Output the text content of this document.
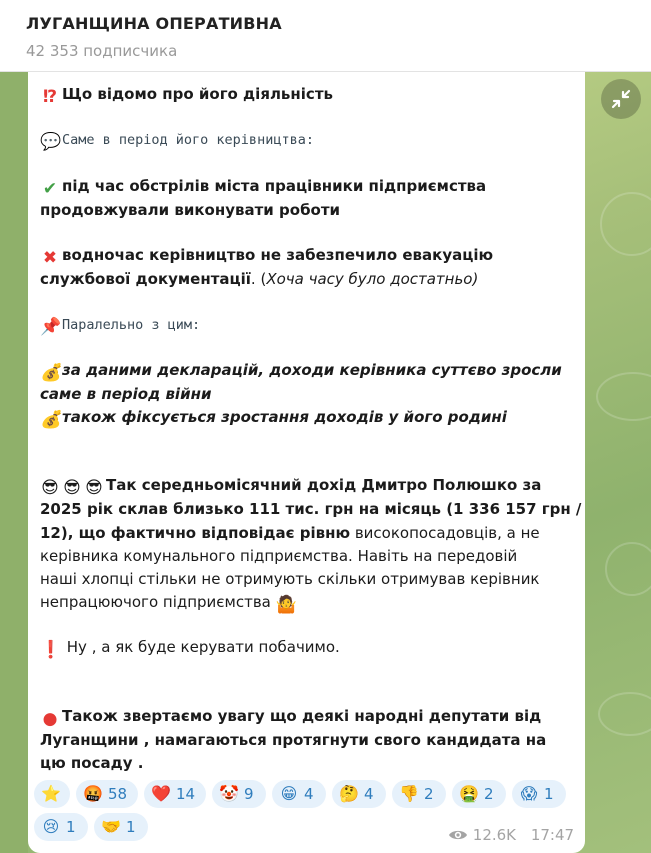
ЛУГАНЩИНА ОПЕРАТИВНА
42 353 подписчика
⁉ Що відомо про його діяльність
💬Саме в період його керівництва:
✔ під час обстрілів міста працівники підприємства
продовжували виконувати роботи
✖ водночас керівництво не забезпечило евакуацію
службової документації. (Хоча часу було достатньо)
📌Паралельно з цим:
💰за даними декларацій, доходи керівника суттєво зросли
саме в період війни
💰також фіксується зростання доходів у його родині
😎 😎 😎 Так середньомісячний дохід Дмитро Полюшко за
2025 рік склав близько 111 тис. грн на місяць (1 336 157 грн /
12), що фактично відповідає рівню високопосадовців, а не
керівника комунального підприємства. Навіть на передовій
наші хлопці стільки не отримують скільки отримував керівник
непрацюючого підприємства 🤷
❗ Ну , а як буде керувати побачимо.
● Також звертаємо увагу що деякі народні депутати від
Луганщини , намагаються протягнути свого кандидата на
цю посаду .
⭐	🤬 58	❤️ 14	🤡 9	😁 4	🤔 4	👎 2	🤮 2	😱 1
😢 1	🤝 1	12.6K 17:47
